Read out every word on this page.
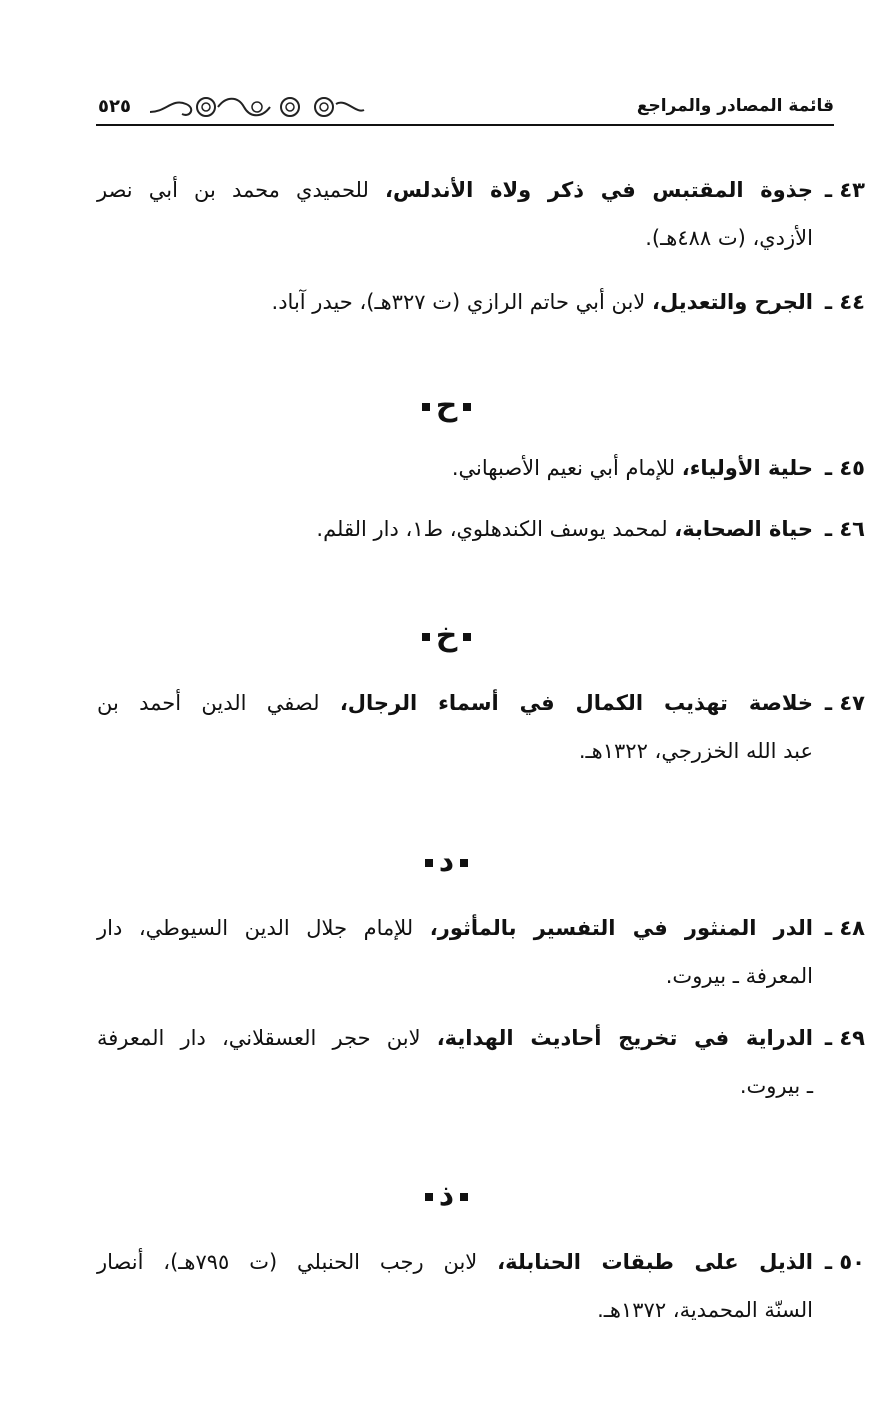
قائمة المصادر والمراجع
٥٢٥
٤٣ ـ
جذوة المقتبس في ذكر ولاة الأندلس، للحميدي محمد بن أبي نصر
الأزدي، (ت ٤٨٨هـ).
٤٤ ـ
الجرح والتعديل، لابن أبي حاتم الرازي (ت ٣٢٧هـ)، حيدر آباد.
ح
٤٥ ـ
حلية الأولياء، للإمام أبي نعيم الأصبهاني.
٤٦ ـ
حياة الصحابة، لمحمد يوسف الكندهلوي، ط١، دار القلم.
خ
٤٧ ـ
خلاصة تهذيب الكمال في أسماء الرجال، لصفي الدين أحمد بن
عبد الله الخزرجي، ١٣٢٢هـ.
د
٤٨ ـ
الدر المنثور في التفسير بالمأثور، للإمام جلال الدين السيوطي، دار
المعرفة ـ بيروت.
٤٩ ـ
الدراية في تخريج أحاديث الهداية، لابن حجر العسقلاني، دار المعرفة
ـ بيروت.
ذ
٥٠ ـ
الذيل على طبقات الحنابلة، لابن رجب الحنبلي (ت ٧٩٥هـ)، أنصار
السنّة المحمدية، ١٣٧٢هـ.
